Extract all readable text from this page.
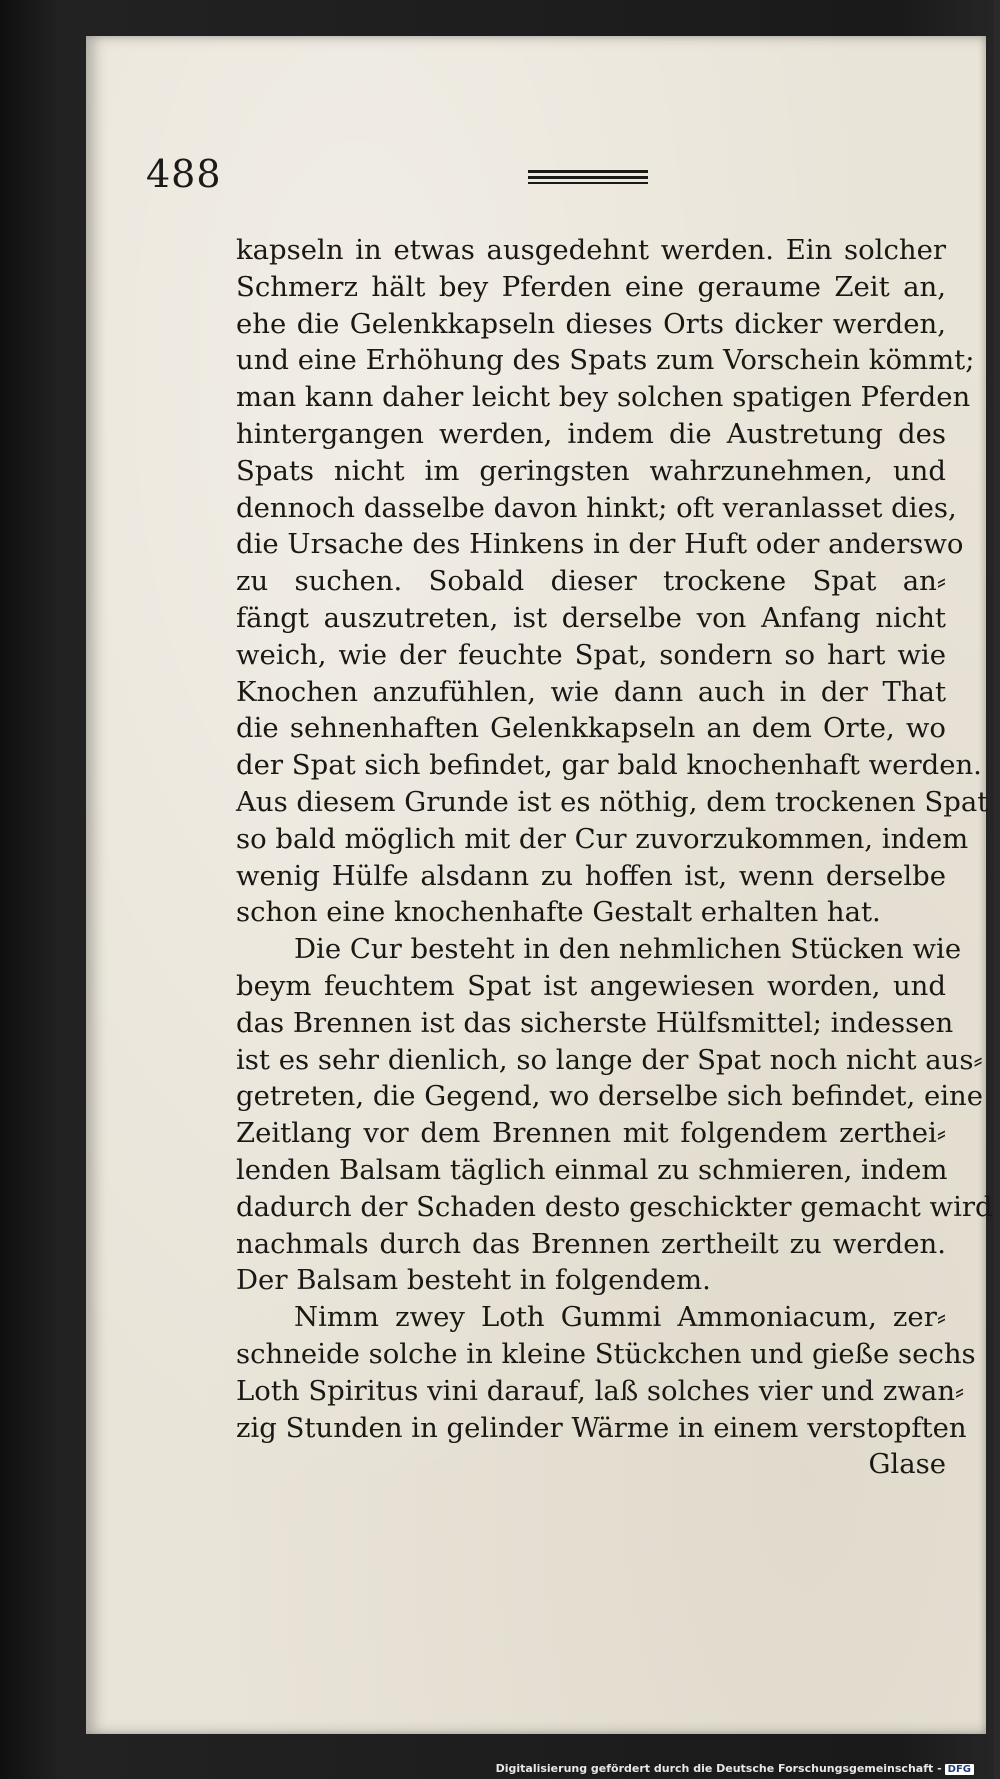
488
kapseln in etwas ausgedehnt werden. Ein solcher
Schmerz hält bey Pferden eine geraume Zeit an,
ehe die Gelenkkapseln dieses Orts dicker werden,
und eine Erhöhung des Spats zum Vorschein kömmt;
man kann daher leicht bey solchen spatigen Pferden
hintergangen werden, indem die Austretung des
Spats nicht im geringsten wahrzunehmen, und
dennoch dasselbe davon hinkt; oft veranlasset dies,
die Ursache des Hinkens in der Huft oder anderswo
zu suchen. Sobald dieser trockene Spat an⸗
fängt auszutreten, ist derselbe von Anfang nicht
weich, wie der feuchte Spat, sondern so hart wie
Knochen anzufühlen, wie dann auch in der That
die sehnenhaften Gelenkkapseln an dem Orte, wo
der Spat sich befindet, gar bald knochenhaft werden.
Aus diesem Grunde ist es nöthig, dem trockenen Spat
so bald möglich mit der Cur zuvorzukommen, indem
wenig Hülfe alsdann zu hoffen ist, wenn derselbe
schon eine knochenhafte Gestalt erhalten hat.
Die Cur besteht in den nehmlichen Stücken wie
beym feuchtem Spat ist angewiesen worden, und
das Brennen ist das sicherste Hülfsmittel; indessen
ist es sehr dienlich, so lange der Spat noch nicht aus⸗
getreten, die Gegend, wo derselbe sich befindet, eine
Zeitlang vor dem Brennen mit folgendem zerthei⸗
lenden Balsam täglich einmal zu schmieren, indem
dadurch der Schaden desto geschickter gemacht wird
nachmals durch das Brennen zertheilt zu werden.
Der Balsam besteht in folgendem.
Nimm zwey Loth Gummi Ammoniacum, zer⸗
schneide solche in kleine Stückchen und gieße sechs
Loth Spiritus vini darauf, laß solches vier und zwan⸗
zig Stunden in gelinder Wärme in einem verstopften
Glase
Digitalisierung gefördert durch die Deutsche Forschungsgemeinschaft - DFG
